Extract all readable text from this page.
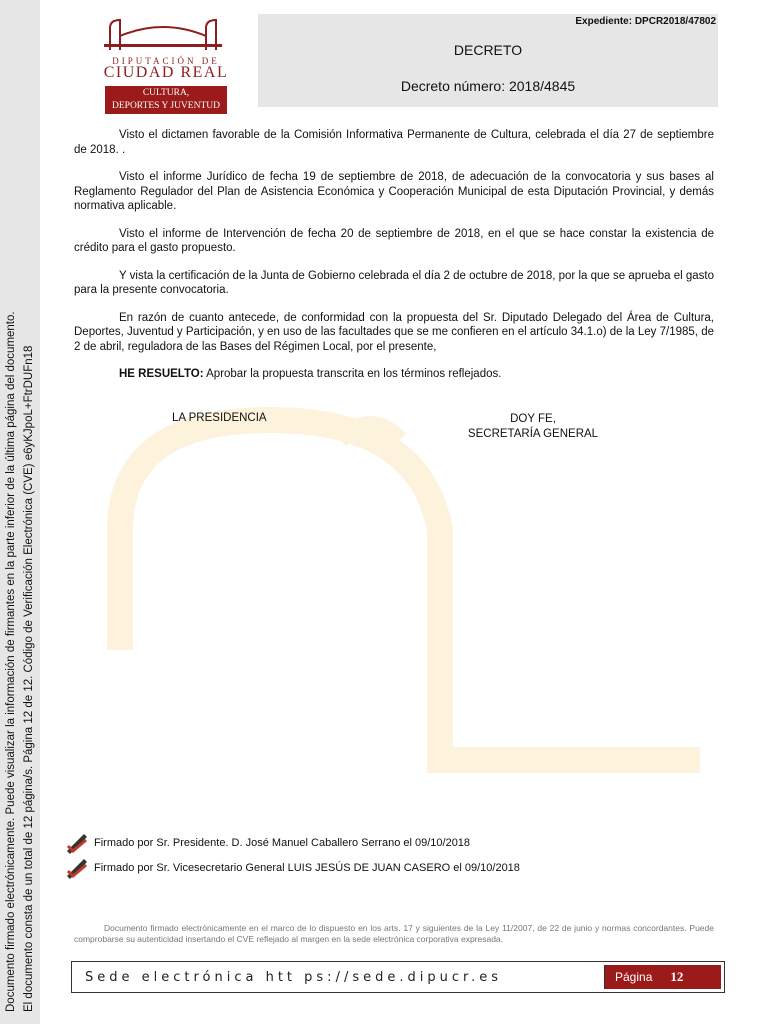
Documento firmado electrónicamente. Puede visualizar la información de firmantes en la parte inferior de la última página del documento. El documento consta de un total de 12 página/s. Página 12 de 12. Código de Verificación Electrónica (CVE) e6yKJpoL+FtrDUFn18
DIPUTACIÓN DE
CIUDAD REAL
CULTURA,
DEPORTES Y JUVENTUD
Expediente: DPCR2018/47802
DECRETO
Decreto número: 2018/4845

Visto el dictamen favorable de la Comisión Informativa Permanente de Cultura, celebrada el día 27 de septiembre de 2018. .

Visto el informe Jurídico de fecha 19 de septiembre de 2018, de adecuación de la convocatoria y sus bases al Reglamento Regulador del Plan de Asistencia Económica y Cooperación Municipal de esta Diputación Provincial, y demás normativa aplicable.

Visto el informe de Intervención de fecha 20 de septiembre de 2018, en el que se hace constar la existencia de crédito para el gasto propuesto.

Y vista la certificación de la Junta de Gobierno celebrada el día 2 de octubre de 2018, por la que se aprueba el gasto para la presente convocatoria.

En razón de cuanto antecede, de conformidad con la propuesta del Sr. Diputado Delegado del Área de Cultura, Deportes, Juventud y Participación, y en uso de las facultades que se me confieren en el artículo 34.1.o) de la Ley 7/1985, de 2 de abril, reguladora de las Bases del Régimen Local, por el presente,

HE RESUELTO: Aprobar la propuesta transcrita en los términos reflejados.

LA PRESIDENCIA	DOY FE,
SECRETARÍA GENERAL
Firmado por Sr. Presidente. D. José Manuel Caballero Serrano el 09/10/2018
Firmado por Sr. Vicesecretario General LUIS JESÚS DE JUAN CASERO el 09/10/2018
Documento firmado electrónicamente en el marco de lo dispuesto en los arts. 17 y siguientes de la Ley 11/2007, de 22 de junio y normas concordantes. Puede comprobarse su autenticidad insertando el CVE reflejado al margen en la sede electrónica corporativa expresada.
Sede electrónica htt ps://sede.dipucr.es	Página 12
